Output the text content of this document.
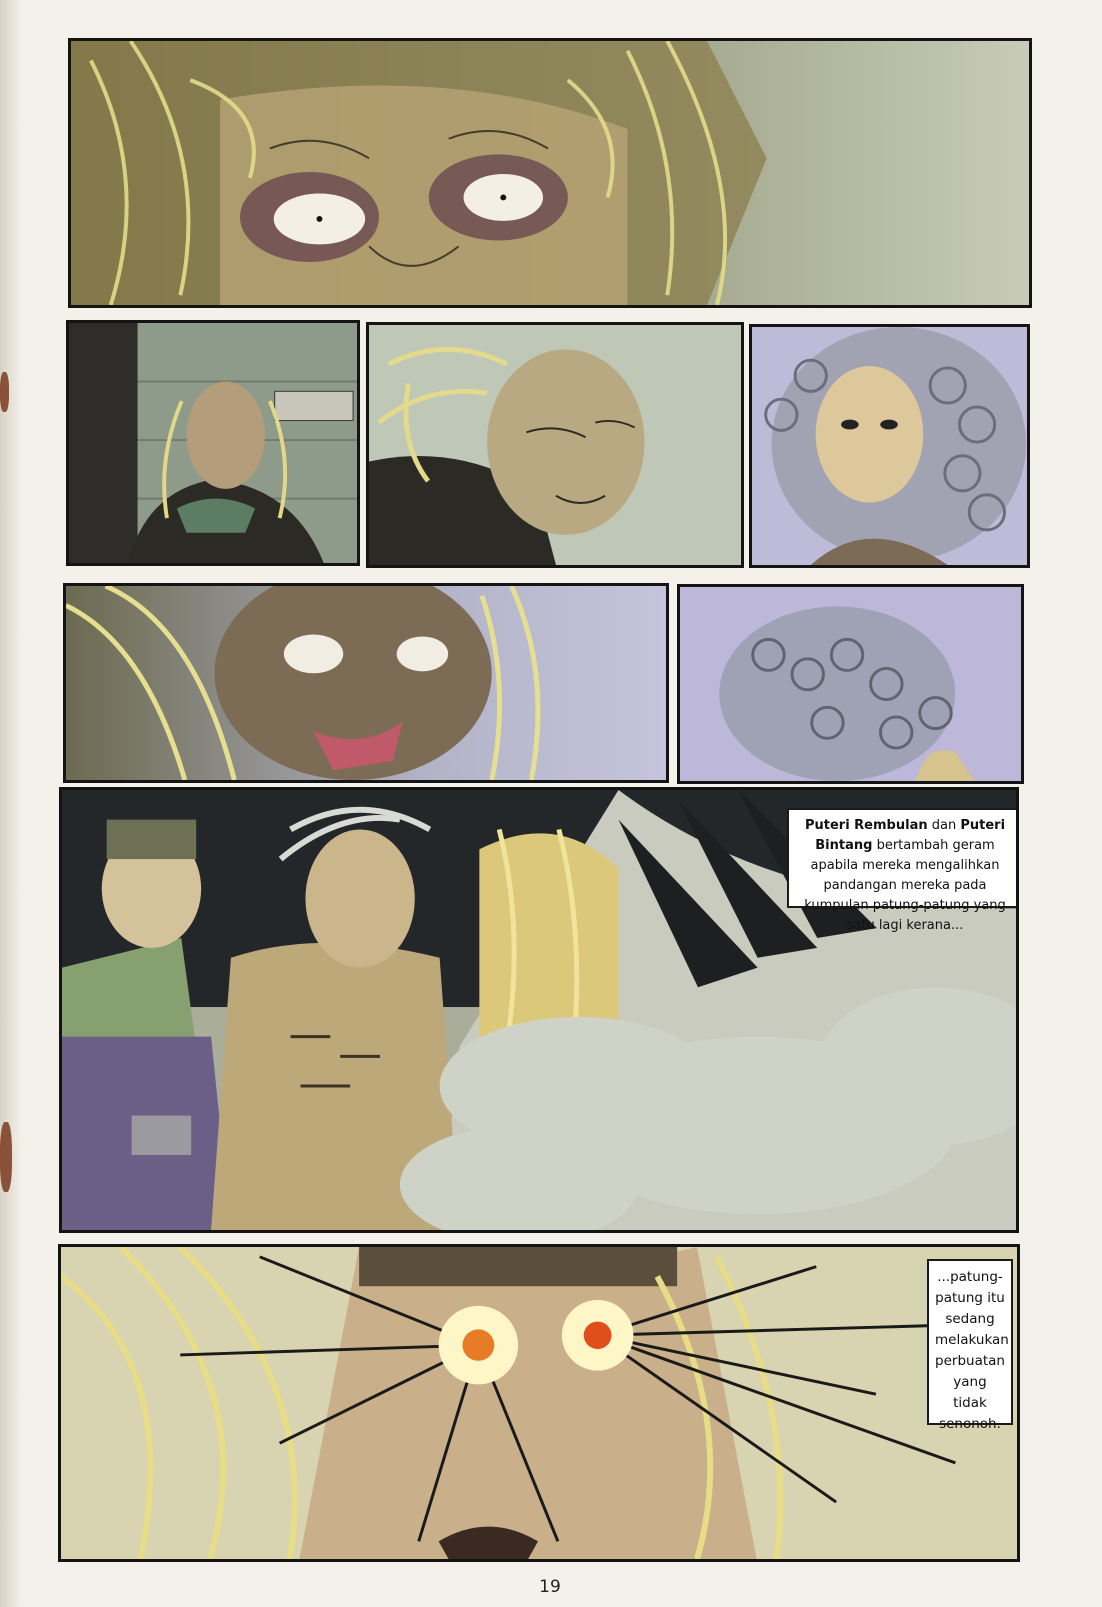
Puteri Rembulan dan Puteri Bintang bertambah geram apabila mereka mengalihkan pandangan mereka pada kumpulan patung-patung yang satu lagi kerana...
...patung-patung itu sedang melakukan perbuatan yang tidak senonoh.
19
